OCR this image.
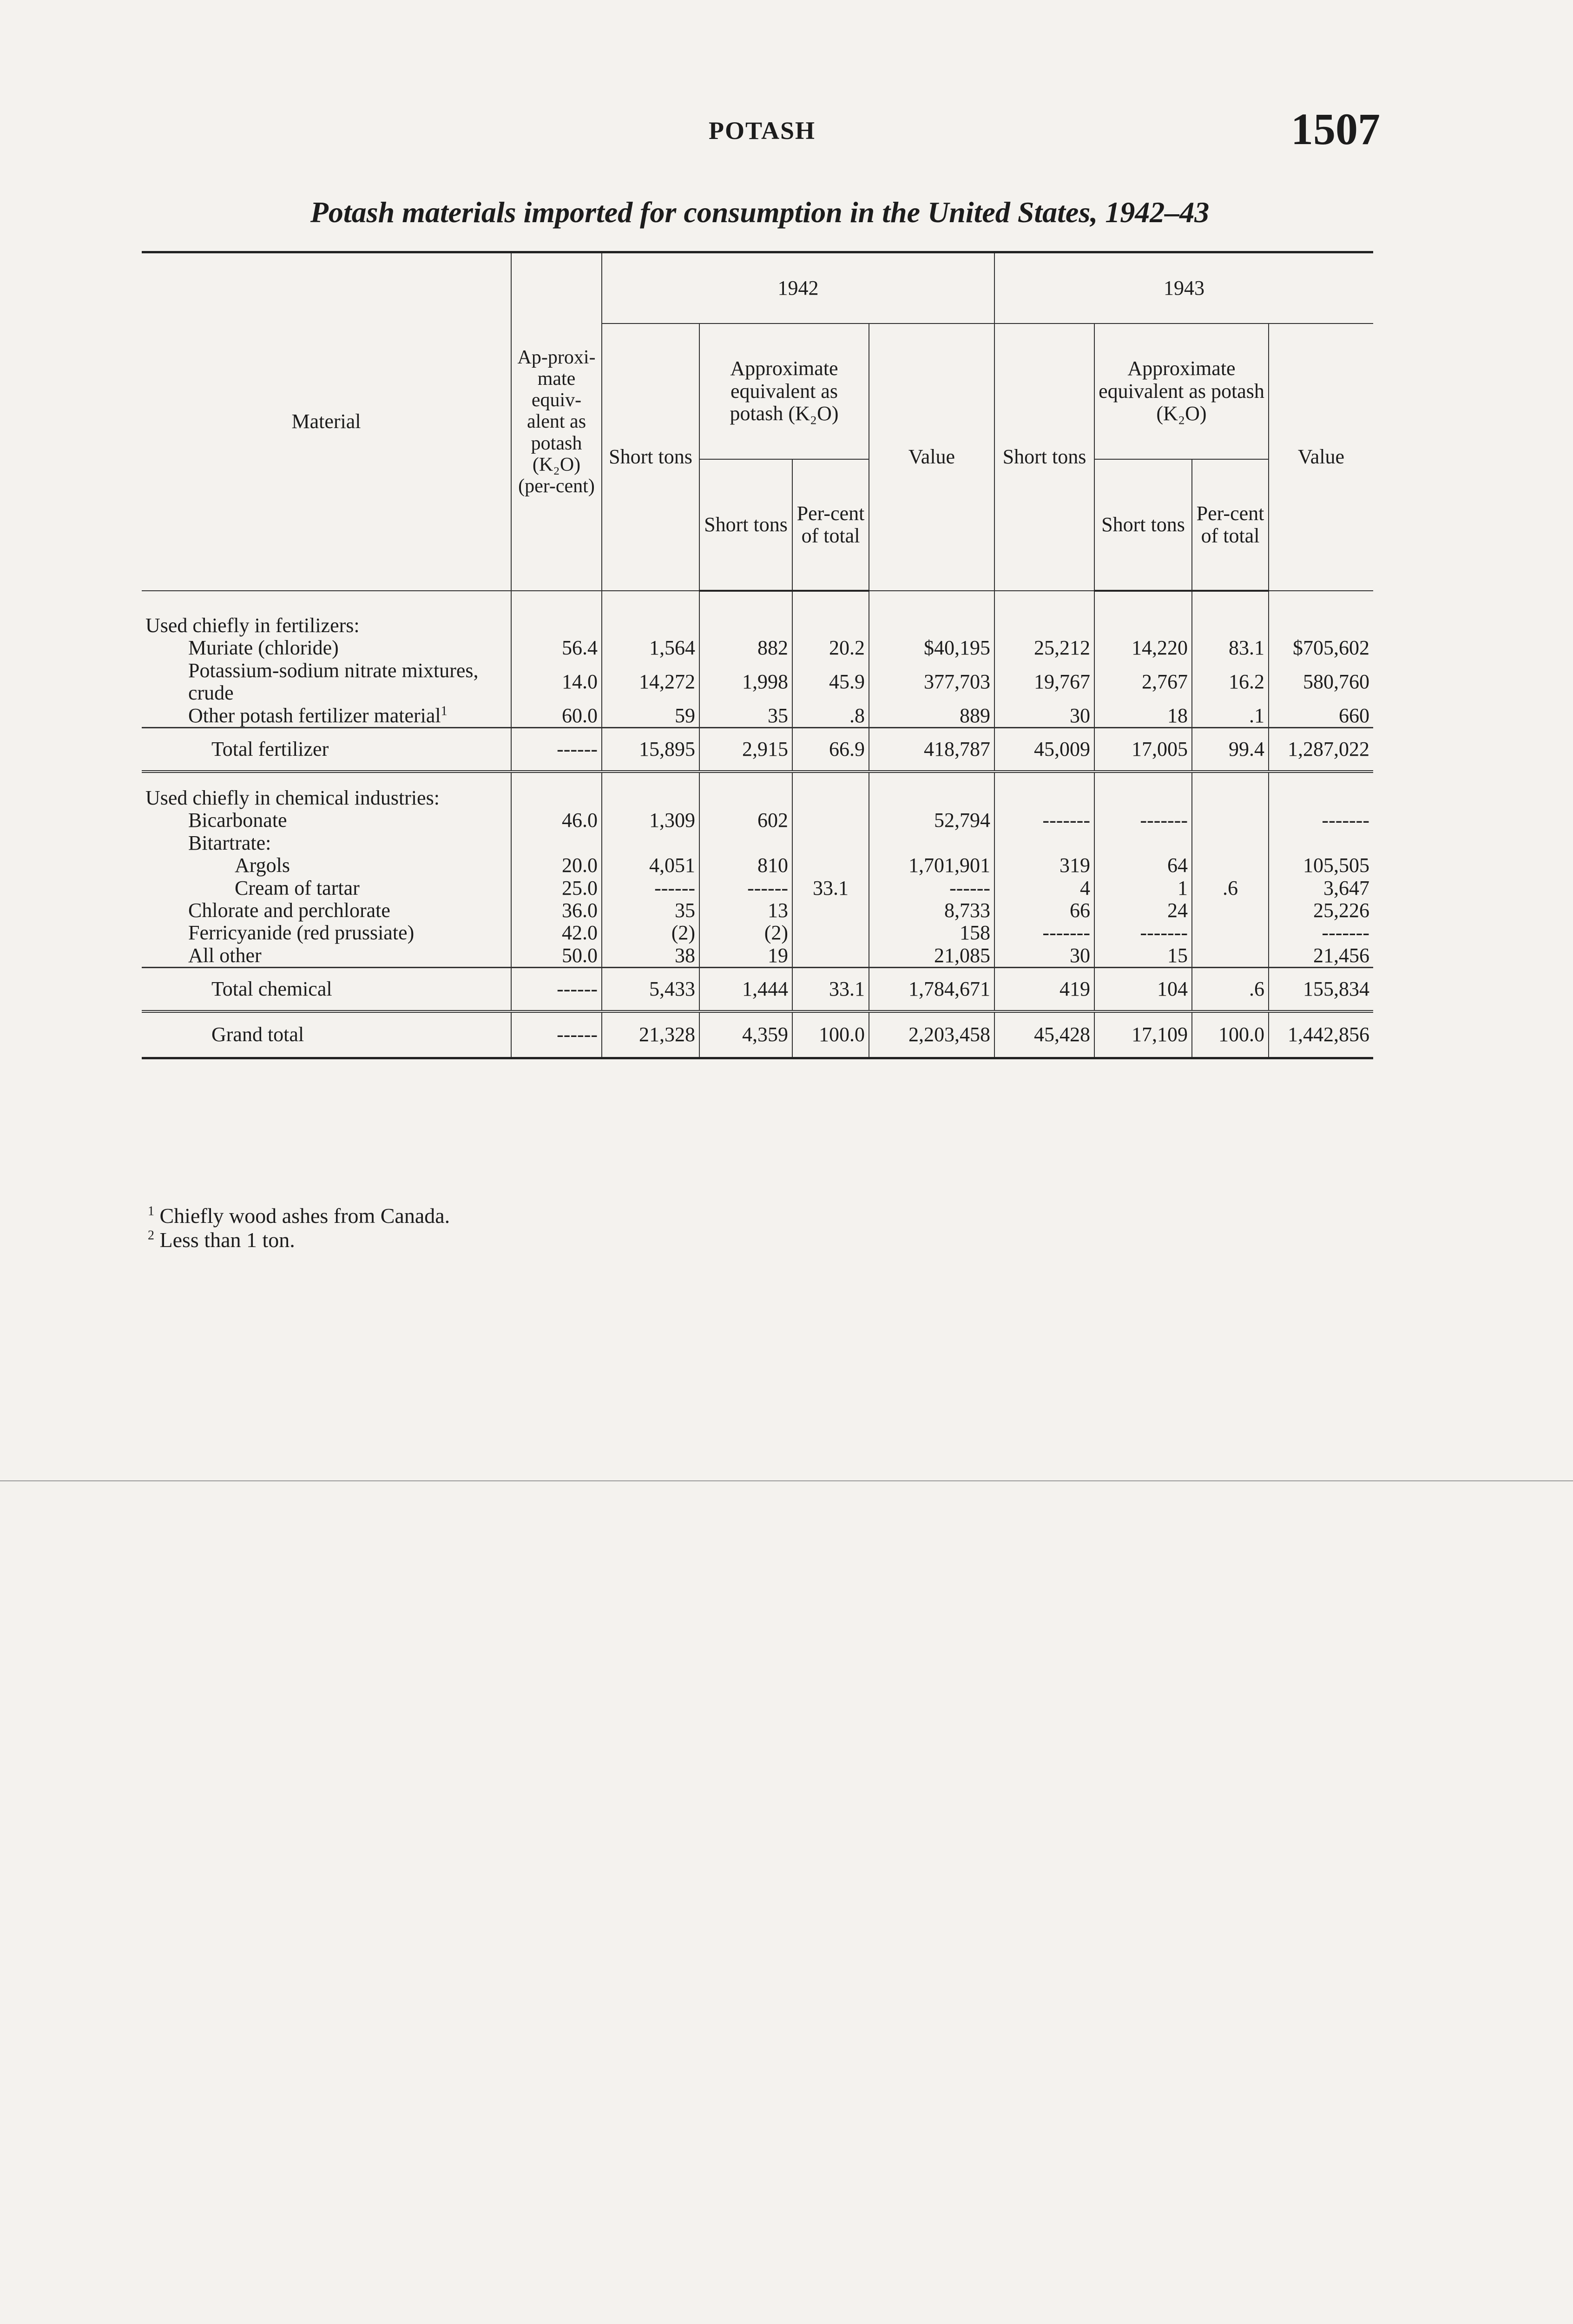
POTASH	1507
Potash materials imported for consumption in the United States, 1942–43
Material	Ap-proxi-mate equiv-alent as potash (K₂O) (per-cent)	1942				1943			
		Short tons	Approximate equivalent as potash (K₂O)		Value	Short tons	Approximate equivalent as potash (K₂O)		Value
			Short tons	Per-cent of total			Short tons	Per-cent of total	
Used chiefly in fertilizers:									
Muriate (chloride)	56.4	1,564	882	20.2	$40,195	25,212	14,220	83.1	$705,602
Potassium-sodium nitrate mixtures, crude	14.0	14,272	1,998	45.9	377,703	19,767	2,767	16.2	580,760
Other potash fertilizer material$^1$	60.0	59	35	.8	889	30	18	.1	660
Total fertilizer	------	15,895	2,915	66.9	418,787	45,009	17,005	99.4	1,287,022
Used chiefly in chemical industries:									
Bicarbonate	46.0	1,309	602	33.1	52,794	-------	-------	.6	-------
Bitartrate:									
Argols	20.0	4,051	810		1,701,901	319	64		105,505
Cream of tartar	25.0	------	------		------	4	1		3,647
Chlorate and perchlorate	36.0	35	13		8,733	66	24		25,226
Ferricyanide (red prussiate)	42.0	(2)	(2)		158	-------	-------		-------
All other	50.0	38	19		21,085	30	15		21,456
Total chemical	------	5,433	1,444	33.1	1,784,671	419	104	.6	155,834
Grand total	------	21,328	4,359	100.0	2,203,458	45,428	17,109	100.0	1,442,856
$^1$ Chiefly wood ashes from Canada.
$^2$ Less than 1 ton.
